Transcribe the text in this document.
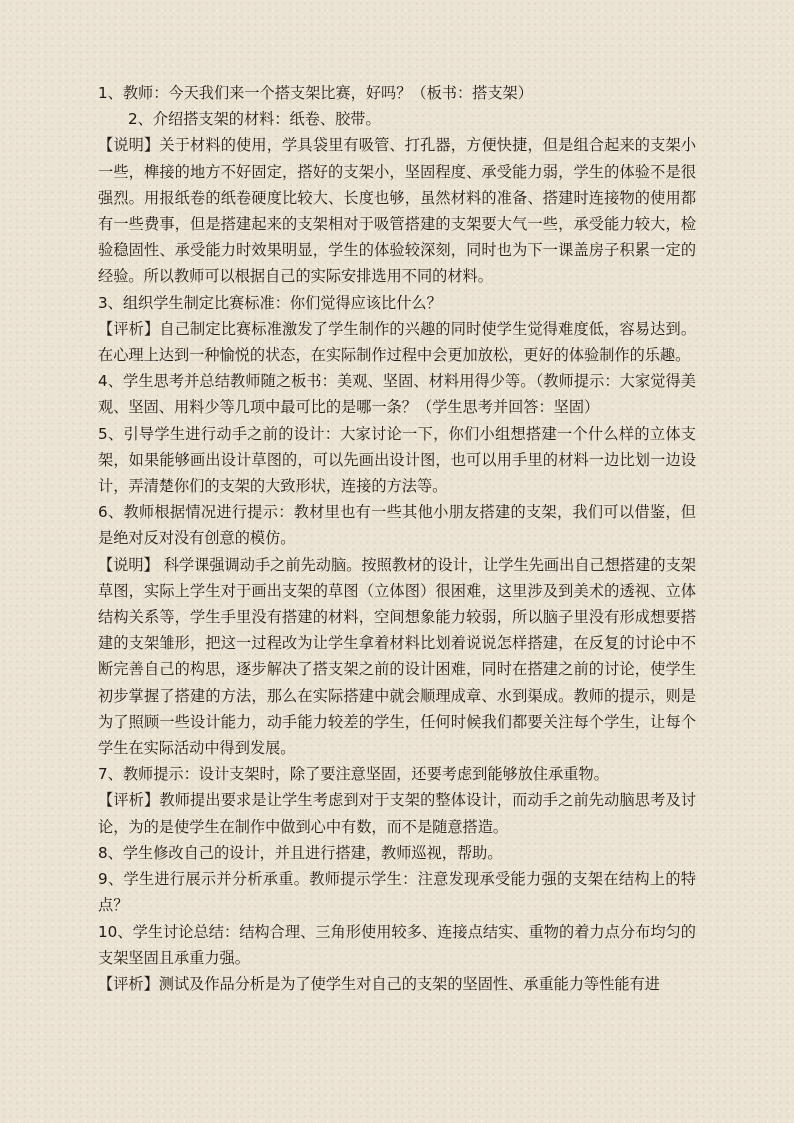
1、教师：今天我们来一个搭支架比赛，好吗？（板书：搭支架）

2、介绍搭支架的材料：纸卷、胶带。

【说明】关于材料的使用，学具袋里有吸管、打孔器，方便快捷，但是组合起来的支架小一些，榫接的地方不好固定，搭好的支架小，坚固程度、承受能力弱，学生的体验不是很强烈。用报纸卷的纸卷硬度比较大、长度也够，虽然材料的准备、搭建时连接物的使用都有一些费事，但是搭建起来的支架相对于吸管搭建的支架要大气一些，承受能力较大，检验稳固性、承受能力时效果明显，学生的体验较深刻，同时也为下一课盖房子积累一定的经验。所以教师可以根据自己的实际安排选用不同的材料。

3、组织学生制定比赛标准：你们觉得应该比什么？

【评析】自己制定比赛标准激发了学生制作的兴趣的同时使学生觉得难度低，容易达到。在心理上达到一种愉悦的状态，在实际制作过程中会更加放松，更好的体验制作的乐趣。

4、学生思考并总结教师随之板书：美观、坚固、材料用得少等。（教师提示：大家觉得美观、坚固、用料少等几项中最可比的是哪一条？（学生思考并回答：坚固）

5、引导学生进行动手之前的设计：大家讨论一下，你们小组想搭建一个什么样的立体支架，如果能够画出设计草图的，可以先画出设计图，也可以用手里的材料一边比划一边设计，弄清楚你们的支架的大致形状，连接的方法等。

6、教师根据情况进行提示：教材里也有一些其他小朋友搭建的支架，我们可以借鉴，但是绝对反对没有创意的模仿。

【说明】 科学课强调动手之前先动脑。按照教材的设计，让学生先画出自己想搭建的支架草图，实际上学生对于画出支架的草图（立体图）很困难，这里涉及到美术的透视、立体结构关系等，学生手里没有搭建的材料，空间想象能力较弱，所以脑子里没有形成想要搭建的支架雏形，把这一过程改为让学生拿着材料比划着说说怎样搭建，在反复的讨论中不断完善自己的构思，逐步解决了搭支架之前的设计困难，同时在搭建之前的讨论，使学生初步掌握了搭建的方法，那么在实际搭建中就会顺理成章、水到渠成。教师的提示，则是为了照顾一些设计能力，动手能力较差的学生，任何时候我们都要关注每个学生，让每个学生在实际活动中得到发展。

7、教师提示：设计支架时，除了要注意坚固，还要考虑到能够放住承重物。

【评析】教师提出要求是让学生考虑到对于支架的整体设计，而动手之前先动脑思考及讨论，为的是使学生在制作中做到心中有数，而不是随意搭造。

8、学生修改自己的设计，并且进行搭建，教师巡视，帮助。

9、学生进行展示并分析承重。教师提示学生：注意发现承受能力强的支架在结构上的特点？

10、学生讨论总结：结构合理、三角形使用较多、连接点结实、重物的着力点分布均匀的支架坚固且承重力强。

【评析】测试及作品分析是为了使学生对自己的支架的坚固性、承重能力等性能有进
